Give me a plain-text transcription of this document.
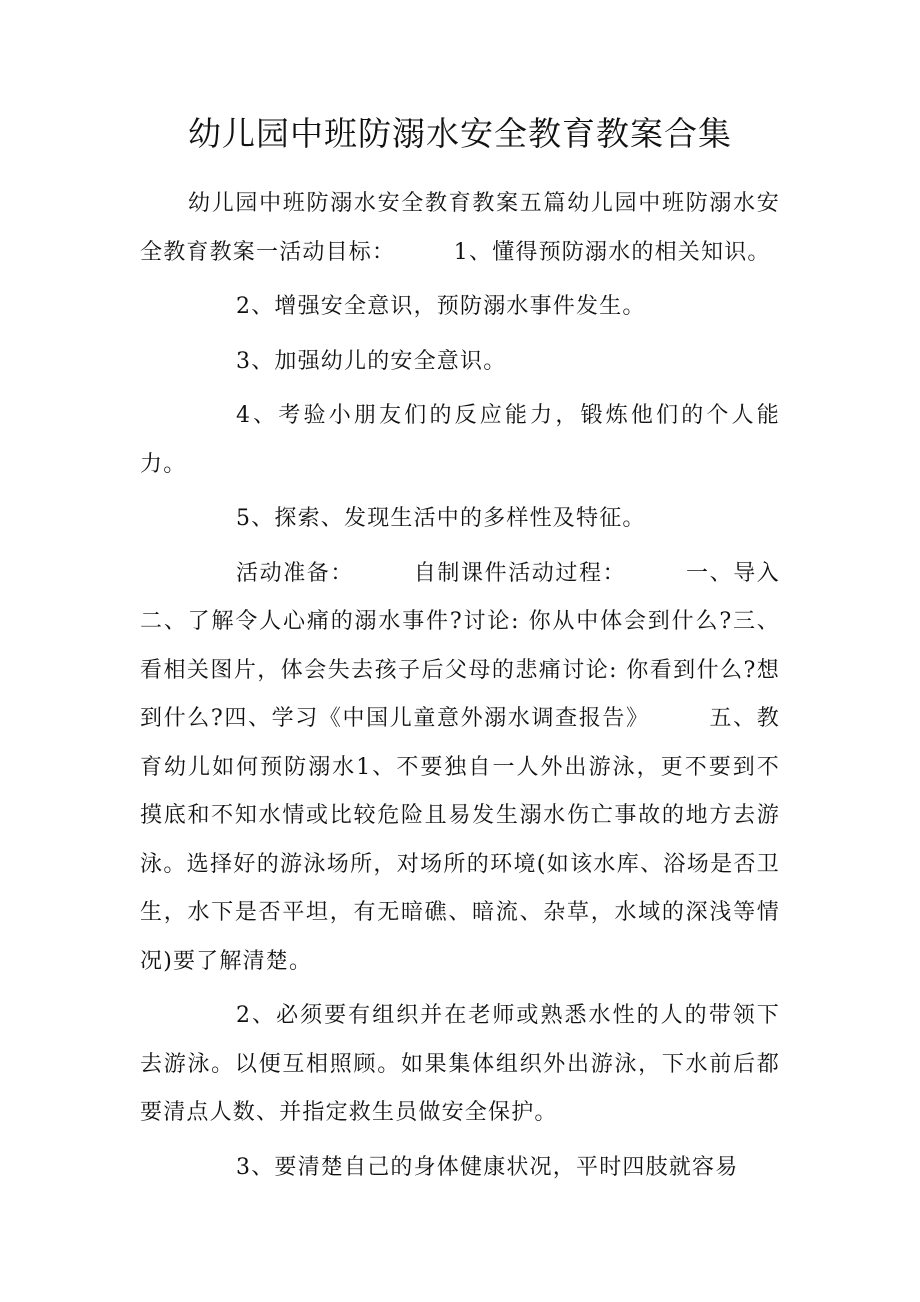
幼儿园中班防溺水安全教育教案合集

幼儿园中班防溺水安全教育教案五篇幼儿园中班防溺水安全教育教案一活动目标：　　　1、懂得预防溺水的相关知识。

2、增强安全意识，预防溺水事件发生。

3、加强幼儿的安全意识。

4、考验小朋友们的反应能力，锻炼他们的个人能力。

5、探索、发现生活中的多样性及特征。

活动准备：　　　自制课件活动过程：　　　一、导入二、了解令人心痛的溺水事件?讨论: 你从中体会到什么?三、看相关图片，体会失去孩子后父母的悲痛讨论: 你看到什么?想到什么?四、学习《中国儿童意外溺水调查报告》　　　五、教育幼儿如何预防溺水1、不要独自一人外出游泳，更不要到不摸底和不知水情或比较危险且易发生溺水伤亡事故的地方去游泳。选择好的游泳场所，对场所的环境(如该水库、浴场是否卫生，水下是否平坦，有无暗礁、暗流、杂草，水域的深浅等情况)要了解清楚。

2、必须要有组织并在老师或熟悉水性的人的带领下去游泳。以便互相照顾。如果集体组织外出游泳，下水前后都要清点人数、并指定救生员做安全保护。

3、要清楚自己的身体健康状况，平时四肢就容易
